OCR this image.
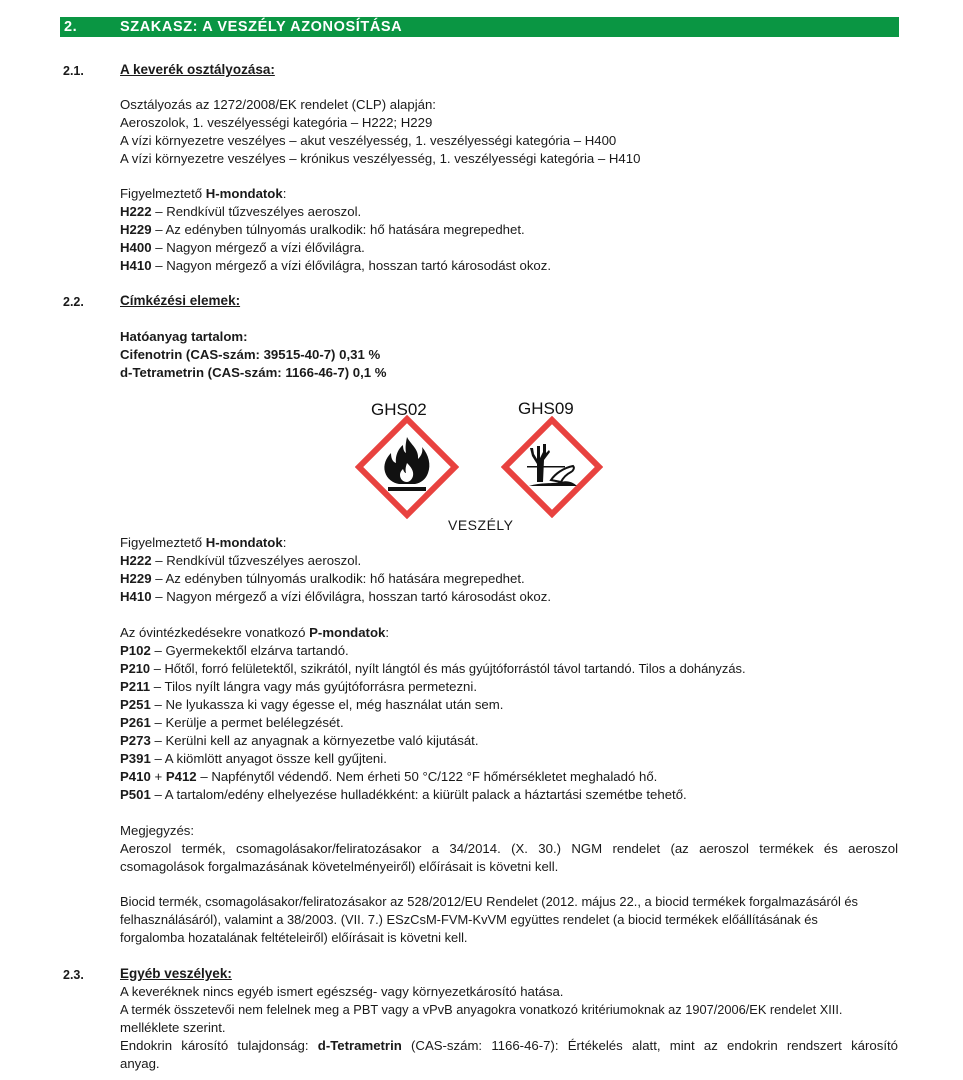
2.	SZAKASZ: A VESZÉLY AZONOSÍTÁSA
2.1.	A keverék osztályozása:
Osztályozás az 1272/2008/EK rendelet (CLP) alapján:
Aeroszolok, 1. veszélyességi kategória – H222; H229
A vízi környezetre veszélyes – akut veszélyesség, 1. veszélyességi kategória – H400
A vízi környezetre veszélyes – krónikus veszélyesség, 1. veszélyességi kategória – H410
Figyelmeztető H-mondatok:
H222 – Rendkívül tűzveszélyes aeroszol.
H229 – Az edényben túlnyomás uralkodik: hő hatására megrepedhet.
H400 – Nagyon mérgező a vízi élővilágra.
H410 – Nagyon mérgező a vízi élővilágra, hosszan tartó károsodást okoz.
2.2.	Címkézési elemek:
Hatóanyag tartalom:
Cifenotrin (CAS-szám: 39515-40-7) 0,31 %
d-Tetrametrin (CAS-szám: 1166-46-7) 0,1 %
GHS02	GHS09
VESZÉLY
Figyelmeztető H-mondatok:
H222 – Rendkívül tűzveszélyes aeroszol.
H229 – Az edényben túlnyomás uralkodik: hő hatására megrepedhet.
H410 – Nagyon mérgező a vízi élővilágra, hosszan tartó károsodást okoz.
Az óvintézkedésekre vonatkozó P-mondatok:
P102 – Gyermekektől elzárva tartandó.
P210 – Hőtől, forró felületektől, szikrától, nyílt lángtól és más gyújtóforrástól távol tartandó. Tilos a dohányzás.
P211 – Tilos nyílt lángra vagy más gyújtóforrásra permetezni.
P251 – Ne lyukassza ki vagy égesse el, még használat után sem.
P261 – Kerülje a permet belélegzését.
P273 – Kerülni kell az anyagnak a környezetbe való kijutását.
P391 – A kiömlött anyagot össze kell gyűjteni.
P410 + P412 – Napfénytől védendő. Nem érheti 50 °C/122 °F hőmérsékletet meghaladó hő.
P501 – A tartalom/edény elhelyezése hulladékként: a kiürült palack a háztartási szemétbe tehető.
Megjegyzés:
Aeroszol termék, csomagolásakor/feliratozásakor a 34/2014. (X. 30.) NGM rendelet (az aeroszol termékek és aeroszol
csomagolások forgalmazásának követelményeiről) előírásait is követni kell.
Biocid termék, csomagolásakor/feliratozásakor az 528/2012/EU Rendelet (2012. május 22., a biocid termékek forgalmazásáról és
felhasználásáról), valamint a 38/2003. (VII. 7.) ESzCsM-FVM-KvVM együttes rendelet (a biocid termékek előállításának és
forgalomba hozatalának feltételeiről) előírásait is követni kell.
2.3.	Egyéb veszélyek:
A keveréknek nincs egyéb ismert egészség- vagy környezetkárosító hatása.
A termék összetevői nem felelnek meg a PBT vagy a vPvB anyagokra vonatkozó kritériumoknak az 1907/2006/EK rendelet XIII.
melléklete szerint.
Endokrin károsító tulajdonság: d-Tetrametrin (CAS-szám: 1166-46-7): Értékelés alatt, mint az endokrin rendszert károsító
anyag.
